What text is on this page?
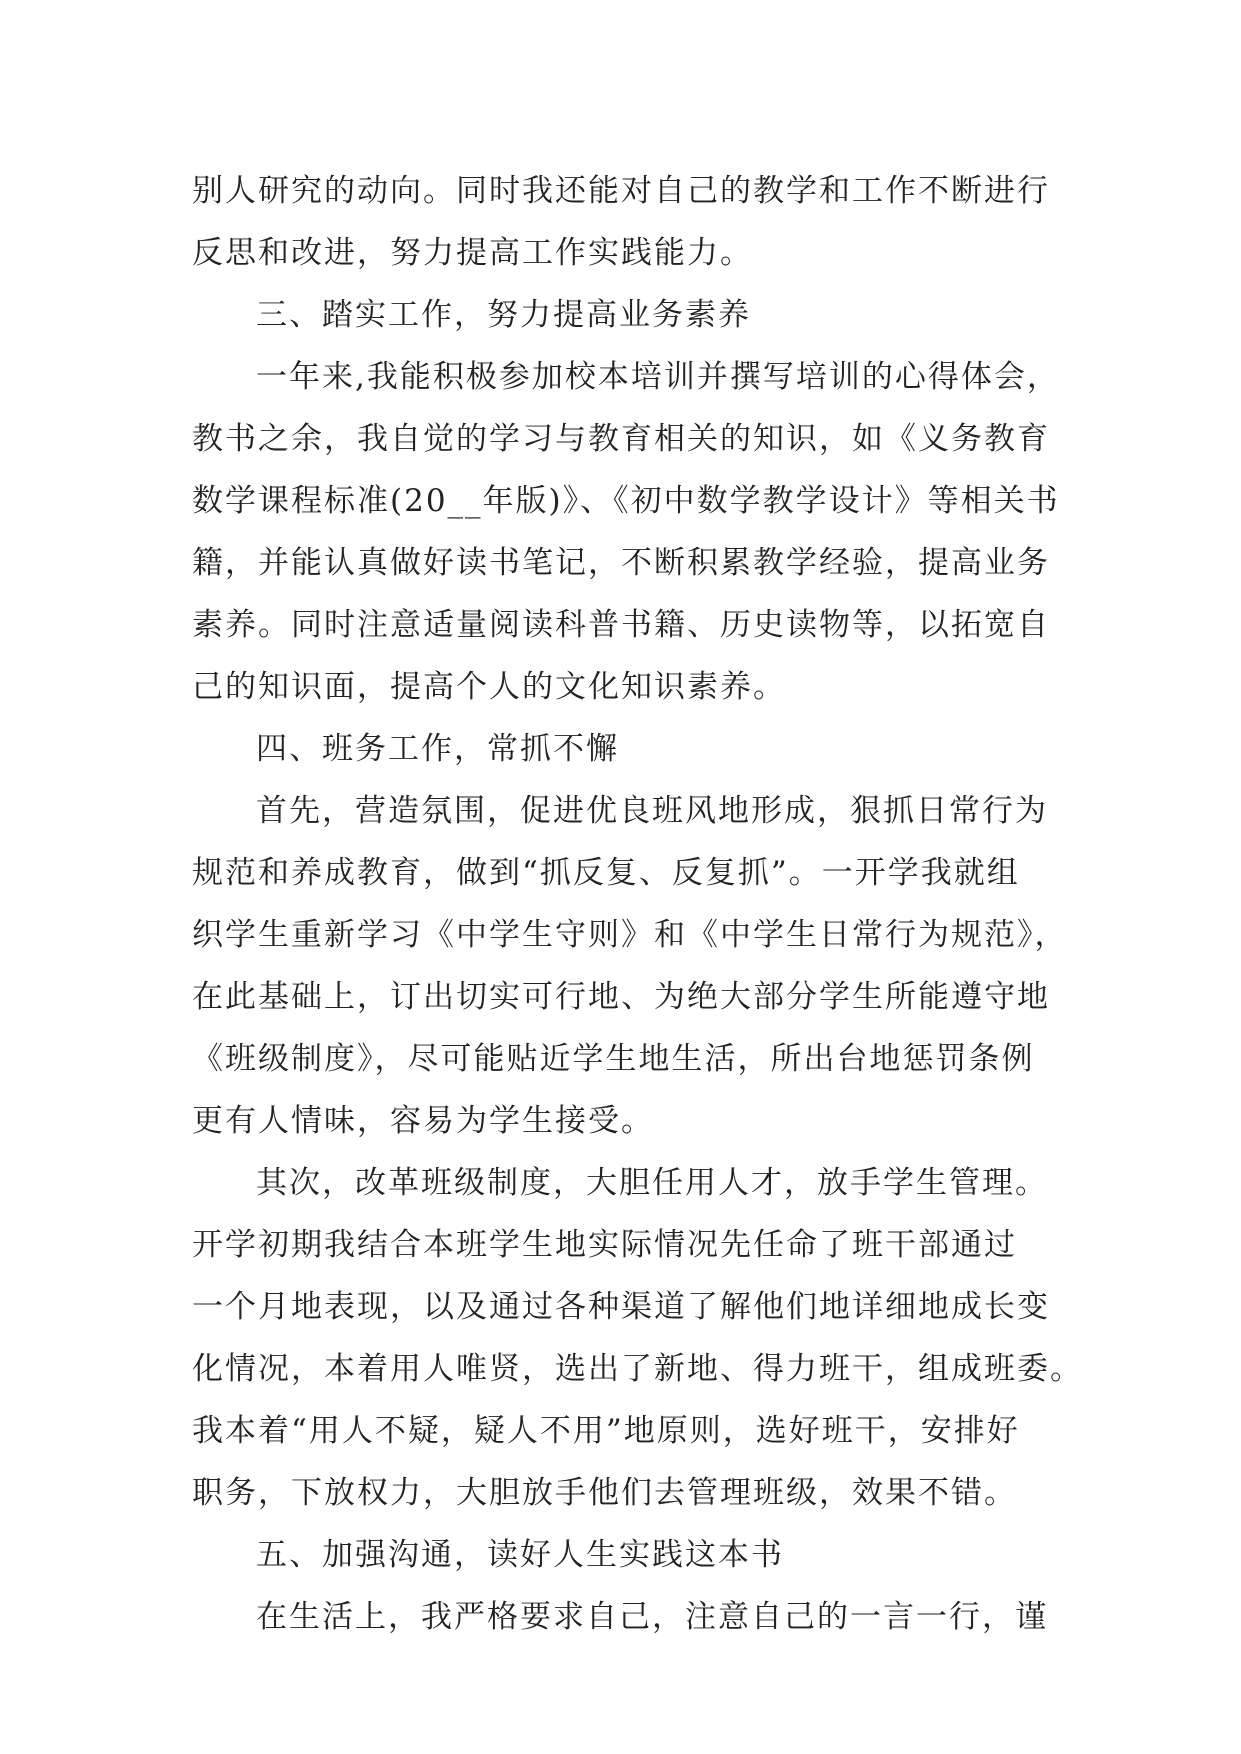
别人研究的动向。同时我还能对自己的教学和工作不断进行
反思和改进，努力提高工作实践能力。
三、踏实工作，努力提高业务素养
一年来,我能积极参加校本培训并撰写培训的心得体会，
教书之余，我自觉的学习与教育相关的知识，如《义务教育
数学课程标准(20__年版)》、《初中数学教学设计》等相关书
籍，并能认真做好读书笔记，不断积累教学经验，提高业务
素养。同时注意适量阅读科普书籍、历史读物等，以拓宽自
己的知识面，提高个人的文化知识素养。
四、班务工作，常抓不懈
首先，营造氛围，促进优良班风地形成，狠抓日常行为
规范和养成教育，做到“抓反复、反复抓”。一开学我就组
织学生重新学习《中学生守则》和《中学生日常行为规范》，
在此基础上，订出切实可行地、为绝大部分学生所能遵守地
《班级制度》，尽可能贴近学生地生活，所出台地惩罚条例
更有人情味，容易为学生接受。
其次，改革班级制度，大胆任用人才，放手学生管理。
开学初期我结合本班学生地实际情况先任命了班干部通过
一个月地表现，以及通过各种渠道了解他们地详细地成长变
化情况，本着用人唯贤，选出了新地、得力班干，组成班委。
我本着“用人不疑，疑人不用”地原则，选好班干，安排好
职务，下放权力，大胆放手他们去管理班级，效果不错。
五、加强沟通，读好人生实践这本书
在生活上，我严格要求自己，注意自己的一言一行，谨
